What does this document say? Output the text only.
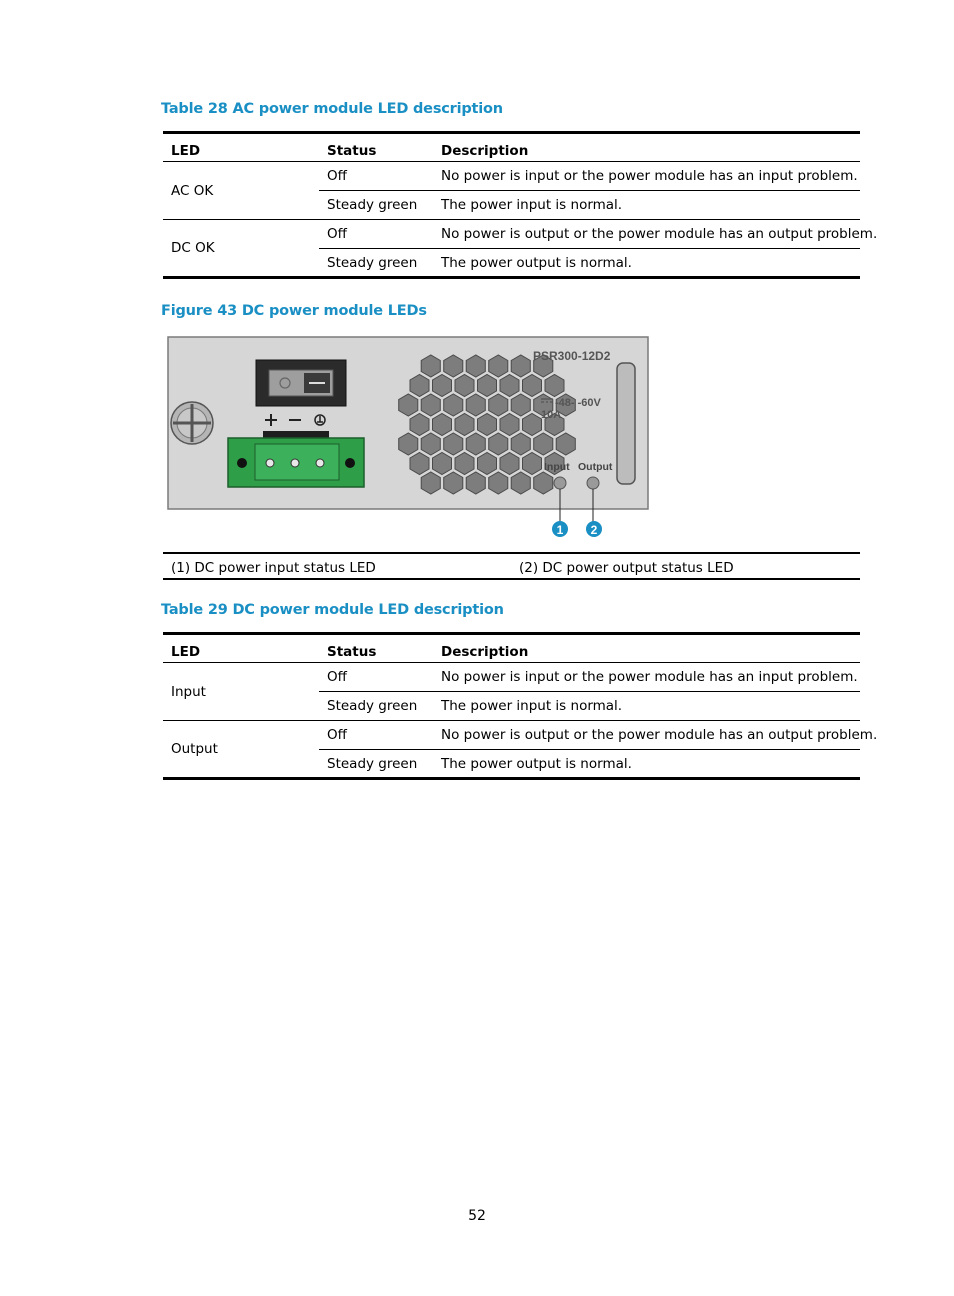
Table 28 AC power module LED description
LED	Status	Description
AC OK	Off	No power is input or the power module has an input problem.
	Steady green	The power input is normal.
DC OK	Off	No power is output or the power module has an output problem.
	Steady green	The power output is normal.
Figure 43 DC power module LEDs
PSR300-12D2
-48- -60V
10A
Input Output
1 2
(1) DC power input status LED	(2) DC power output status LED
Table 29 DC power module LED description
LED	Status	Description
Input	Off	No power is input or the power module has an input problem.
	Steady green	The power input is normal.
Output	Off	No power is output or the power module has an output problem.
	Steady green	The power output is normal.
52
